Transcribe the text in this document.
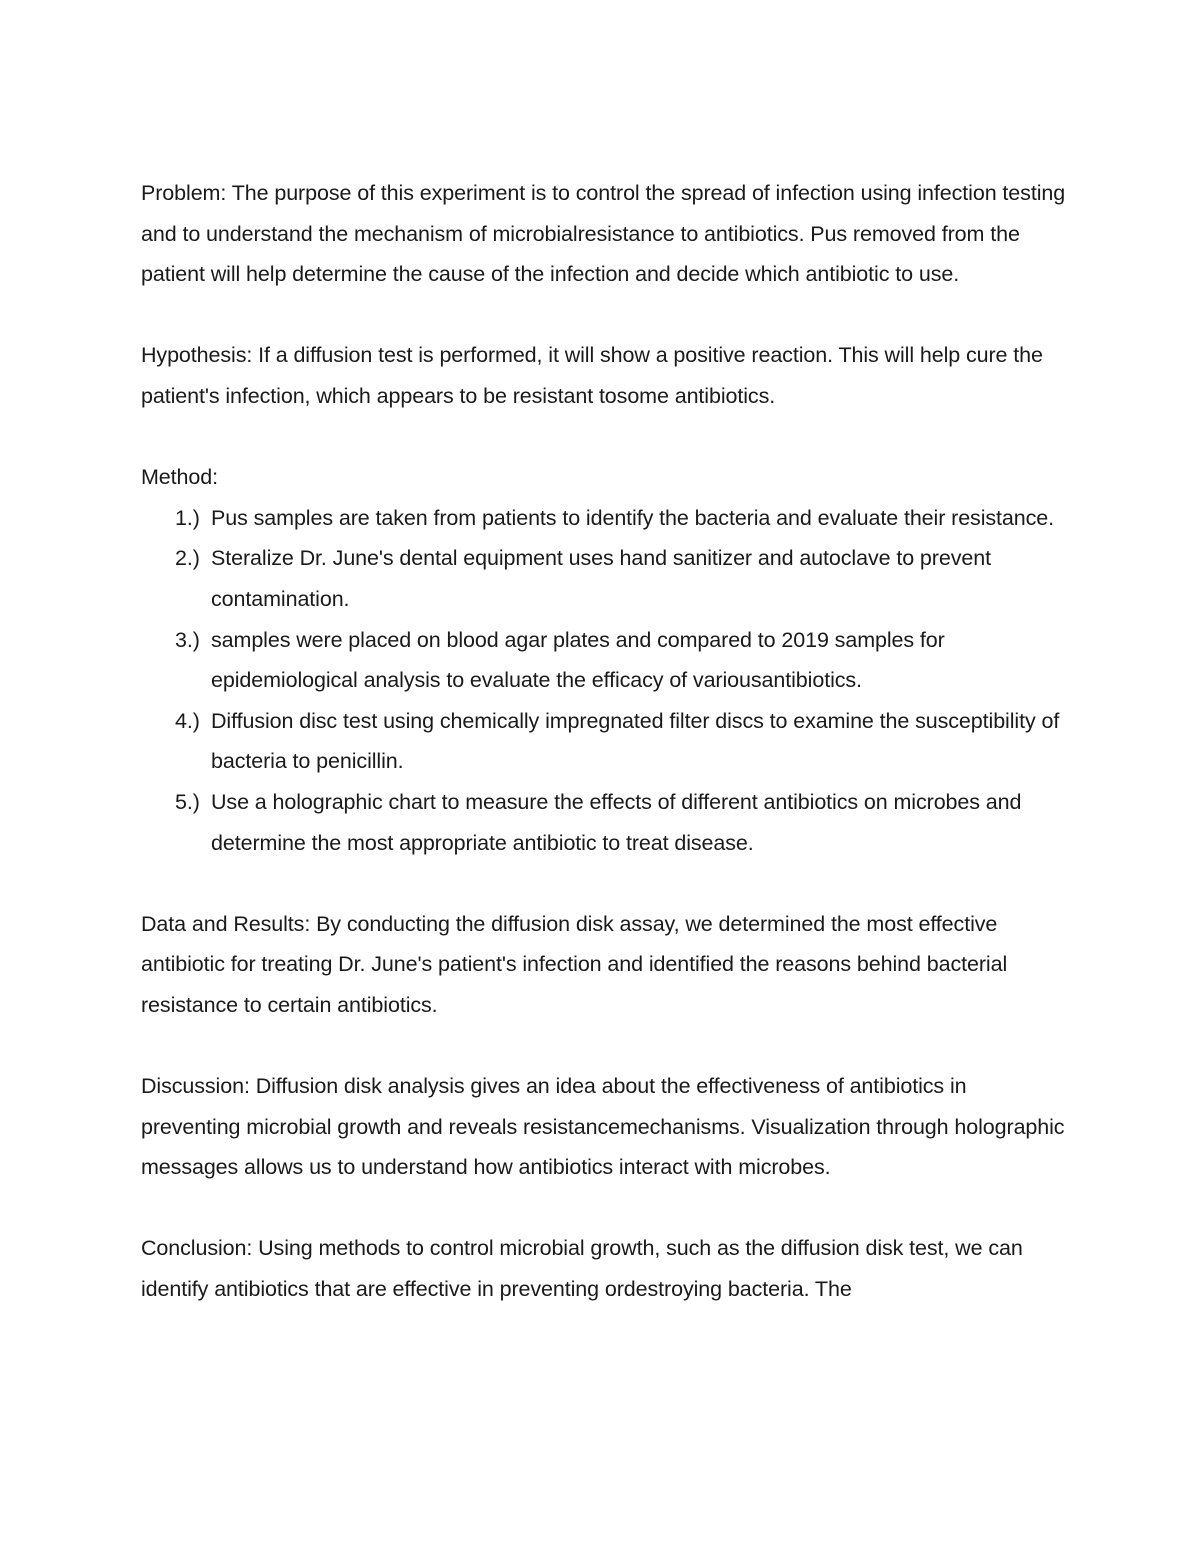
Problem: The purpose of this experiment is to control the spread of infection using infection testing and to understand the mechanism of microbialresistance to antibiotics. Pus removed from the patient will help determine the cause of the infection and decide which antibiotic to use.

Hypothesis: If a diffusion test is performed, it will show a positive reaction. This will help cure the patient's infection, which appears to be resistant tosome antibiotics.

Method:

1.) Pus samples are taken from patients to identify the bacteria and evaluate their resistance.
2.) Steralize Dr. June's dental equipment uses hand sanitizer and autoclave to prevent contamination.
3.) samples were placed on blood agar plates and compared to 2019 samples for epidemiological analysis to evaluate the efficacy of variousantibiotics.
4.) Diffusion disc test using chemically impregnated filter discs to examine the susceptibility of bacteria to penicillin.
5.) Use a holographic chart to measure the effects of different antibiotics on microbes and determine the most appropriate antibiotic to treat disease.

Data and Results: By conducting the diffusion disk assay, we determined the most effective antibiotic for treating Dr. June's patient's infection and identified the reasons behind bacterial resistance to certain antibiotics.

Discussion: Diffusion disk analysis gives an idea about the effectiveness of antibiotics in preventing microbial growth and reveals resistancemechanisms. Visualization through holographic messages allows us to understand how antibiotics interact with microbes.

Conclusion: Using methods to control microbial growth, such as the diffusion disk test, we can identify antibiotics that are effective in preventing ordestroying bacteria. The
